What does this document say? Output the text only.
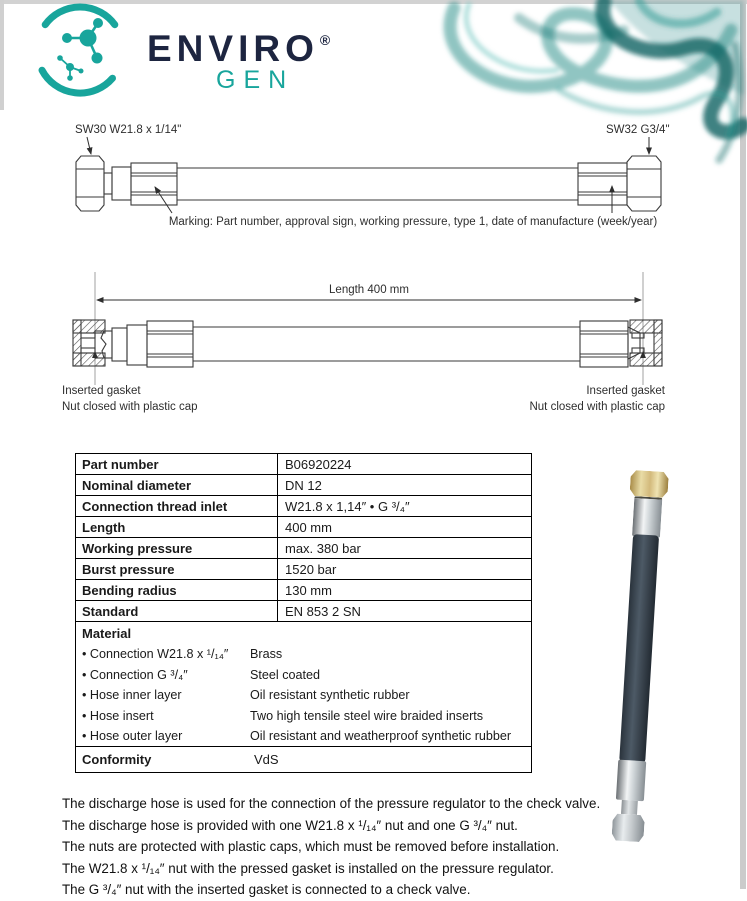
ENVIRO®
GEN
SW30 W21.8 x 1/14"	SW32 G3/4"
Marking: Part number, approval sign, working pressure, type 1, date of manufacture (week/year)
Length 400 mm
Inserted gasket
Nut closed with plastic cap
Inserted gasket
Nut closed with plastic cap
Part number	B06920224
Nominal diameter	DN 12
Connection thread inlet	W21.8 x 1,14″ • G ³/₄″
Length	400 mm
Working pressure	max. 380 bar
Burst pressure	1520 bar
Bending radius	130 mm
Standard	EN 853 2 SN
Material
• Connection W21.8 x ¹/₁₄″	Brass
• Connection G ³/₄″	Steel coated
• Hose inner layer	Oil resistant synthetic rubber
• Hose insert	Two high tensile steel wire braided inserts
• Hose outer layer	Oil resistant and weatherproof synthetic rubber
Conformity	VdS
The discharge hose is used for the connection of the pressure regulator to the check valve.
The discharge hose is provided with one W21.8 x ¹/₁₄″ nut and one G ³/₄″ nut.
The nuts are protected with plastic caps, which must be removed before installation.
The W21.8 x ¹/₁₄″ nut with the pressed gasket is installed on the pressure regulator.
The G ³/₄″ nut with the inserted gasket is connected to a check valve.
